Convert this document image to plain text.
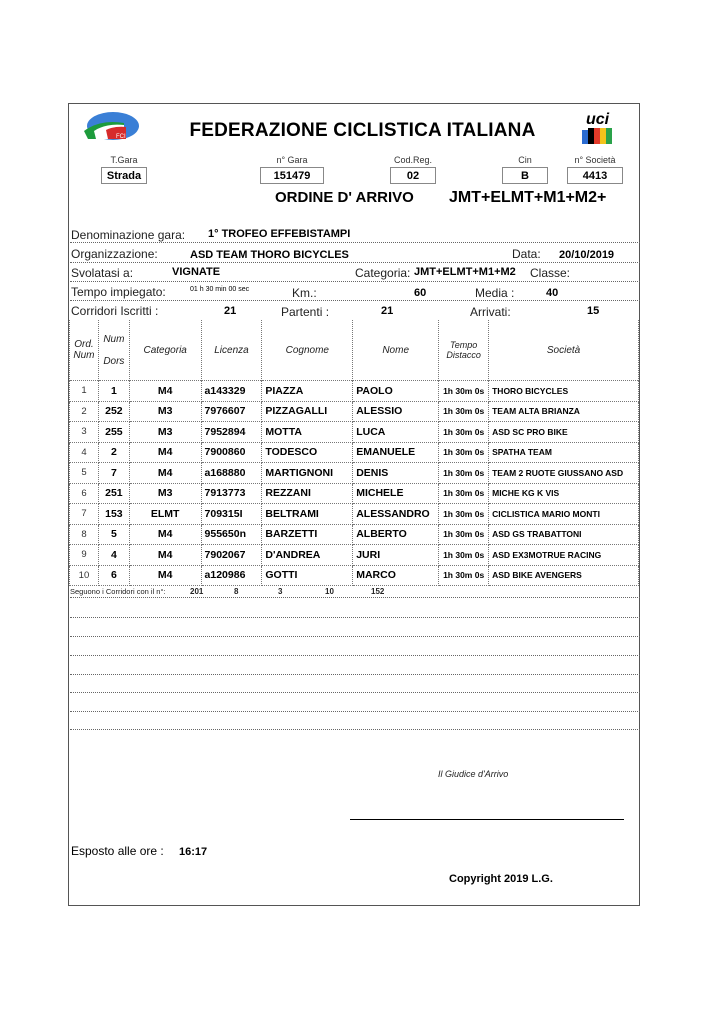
FCI
uci
FEDERAZIONE CICLISTICA ITALIANA
T.Gara
Strada
n° Gara
151479
Cod.Reg.
02
Cin
B
n° Società
4413
ORDINE D' ARRIVO JMT+ELMT+M1+M2+
Denominazione gara: 1° TROFEO EFFEBISTAMPI
Organizzazione:	ASD TEAM THORO BICYCLES	Data: 20/10/2019
Svolatasi a:	VIGNATE	Categoria: JMT+ELMT+M1+M2 Classe:
Tempo impiegato:	01 h 30 min 00 sec	Km.:	60	Media :	40
Corridori Iscritti :	21	Partenti :	21	Arrivati:	15
Ord.
Num	Num

Dors	Categoria	Licenza	Cognome	Nome	Tempo
Distacco	Società
1	1	M4	a143329	PIAZZA	PAOLO	1h 30m 0s	THORO BICYCLES
2	252	M3	7976607	PIZZAGALLI	ALESSIO	1h 30m 0s	TEAM ALTA BRIANZA
3	255	M3	7952894	MOTTA	LUCA	1h 30m 0s	ASD SC PRO BIKE
4	2	M4	7900860	TODESCO	EMANUELE	1h 30m 0s	SPATHA TEAM
5	7	M4	a168880	MARTIGNONI	DENIS	1h 30m 0s	TEAM 2 RUOTE GIUSSANO ASD
6	251	M3	7913773	REZZANI	MICHELE	1h 30m 0s	MICHE KG K VIS
7	153	ELMT	709315I	BELTRAMI	ALESSANDRO	1h 30m 0s	CICLISTICA MARIO MONTI
8	5	M4	955650n	BARZETTI	ALBERTO	1h 30m 0s	ASD GS TRABATTONI
9	4	M4	7902067	D'ANDREA	JURI	1h 30m 0s	ASD EX3MOTRUE RACING
10	6	M4	a120986	GOTTI	MARCO	1h 30m 0s	ASD BIKE AVENGERS
Seguono i Corridori con il n°:	201	8	3	10	152
Il Giudice d'Arrivo
Esposto alle ore : 16:17
Copyright 2019 L.G.
